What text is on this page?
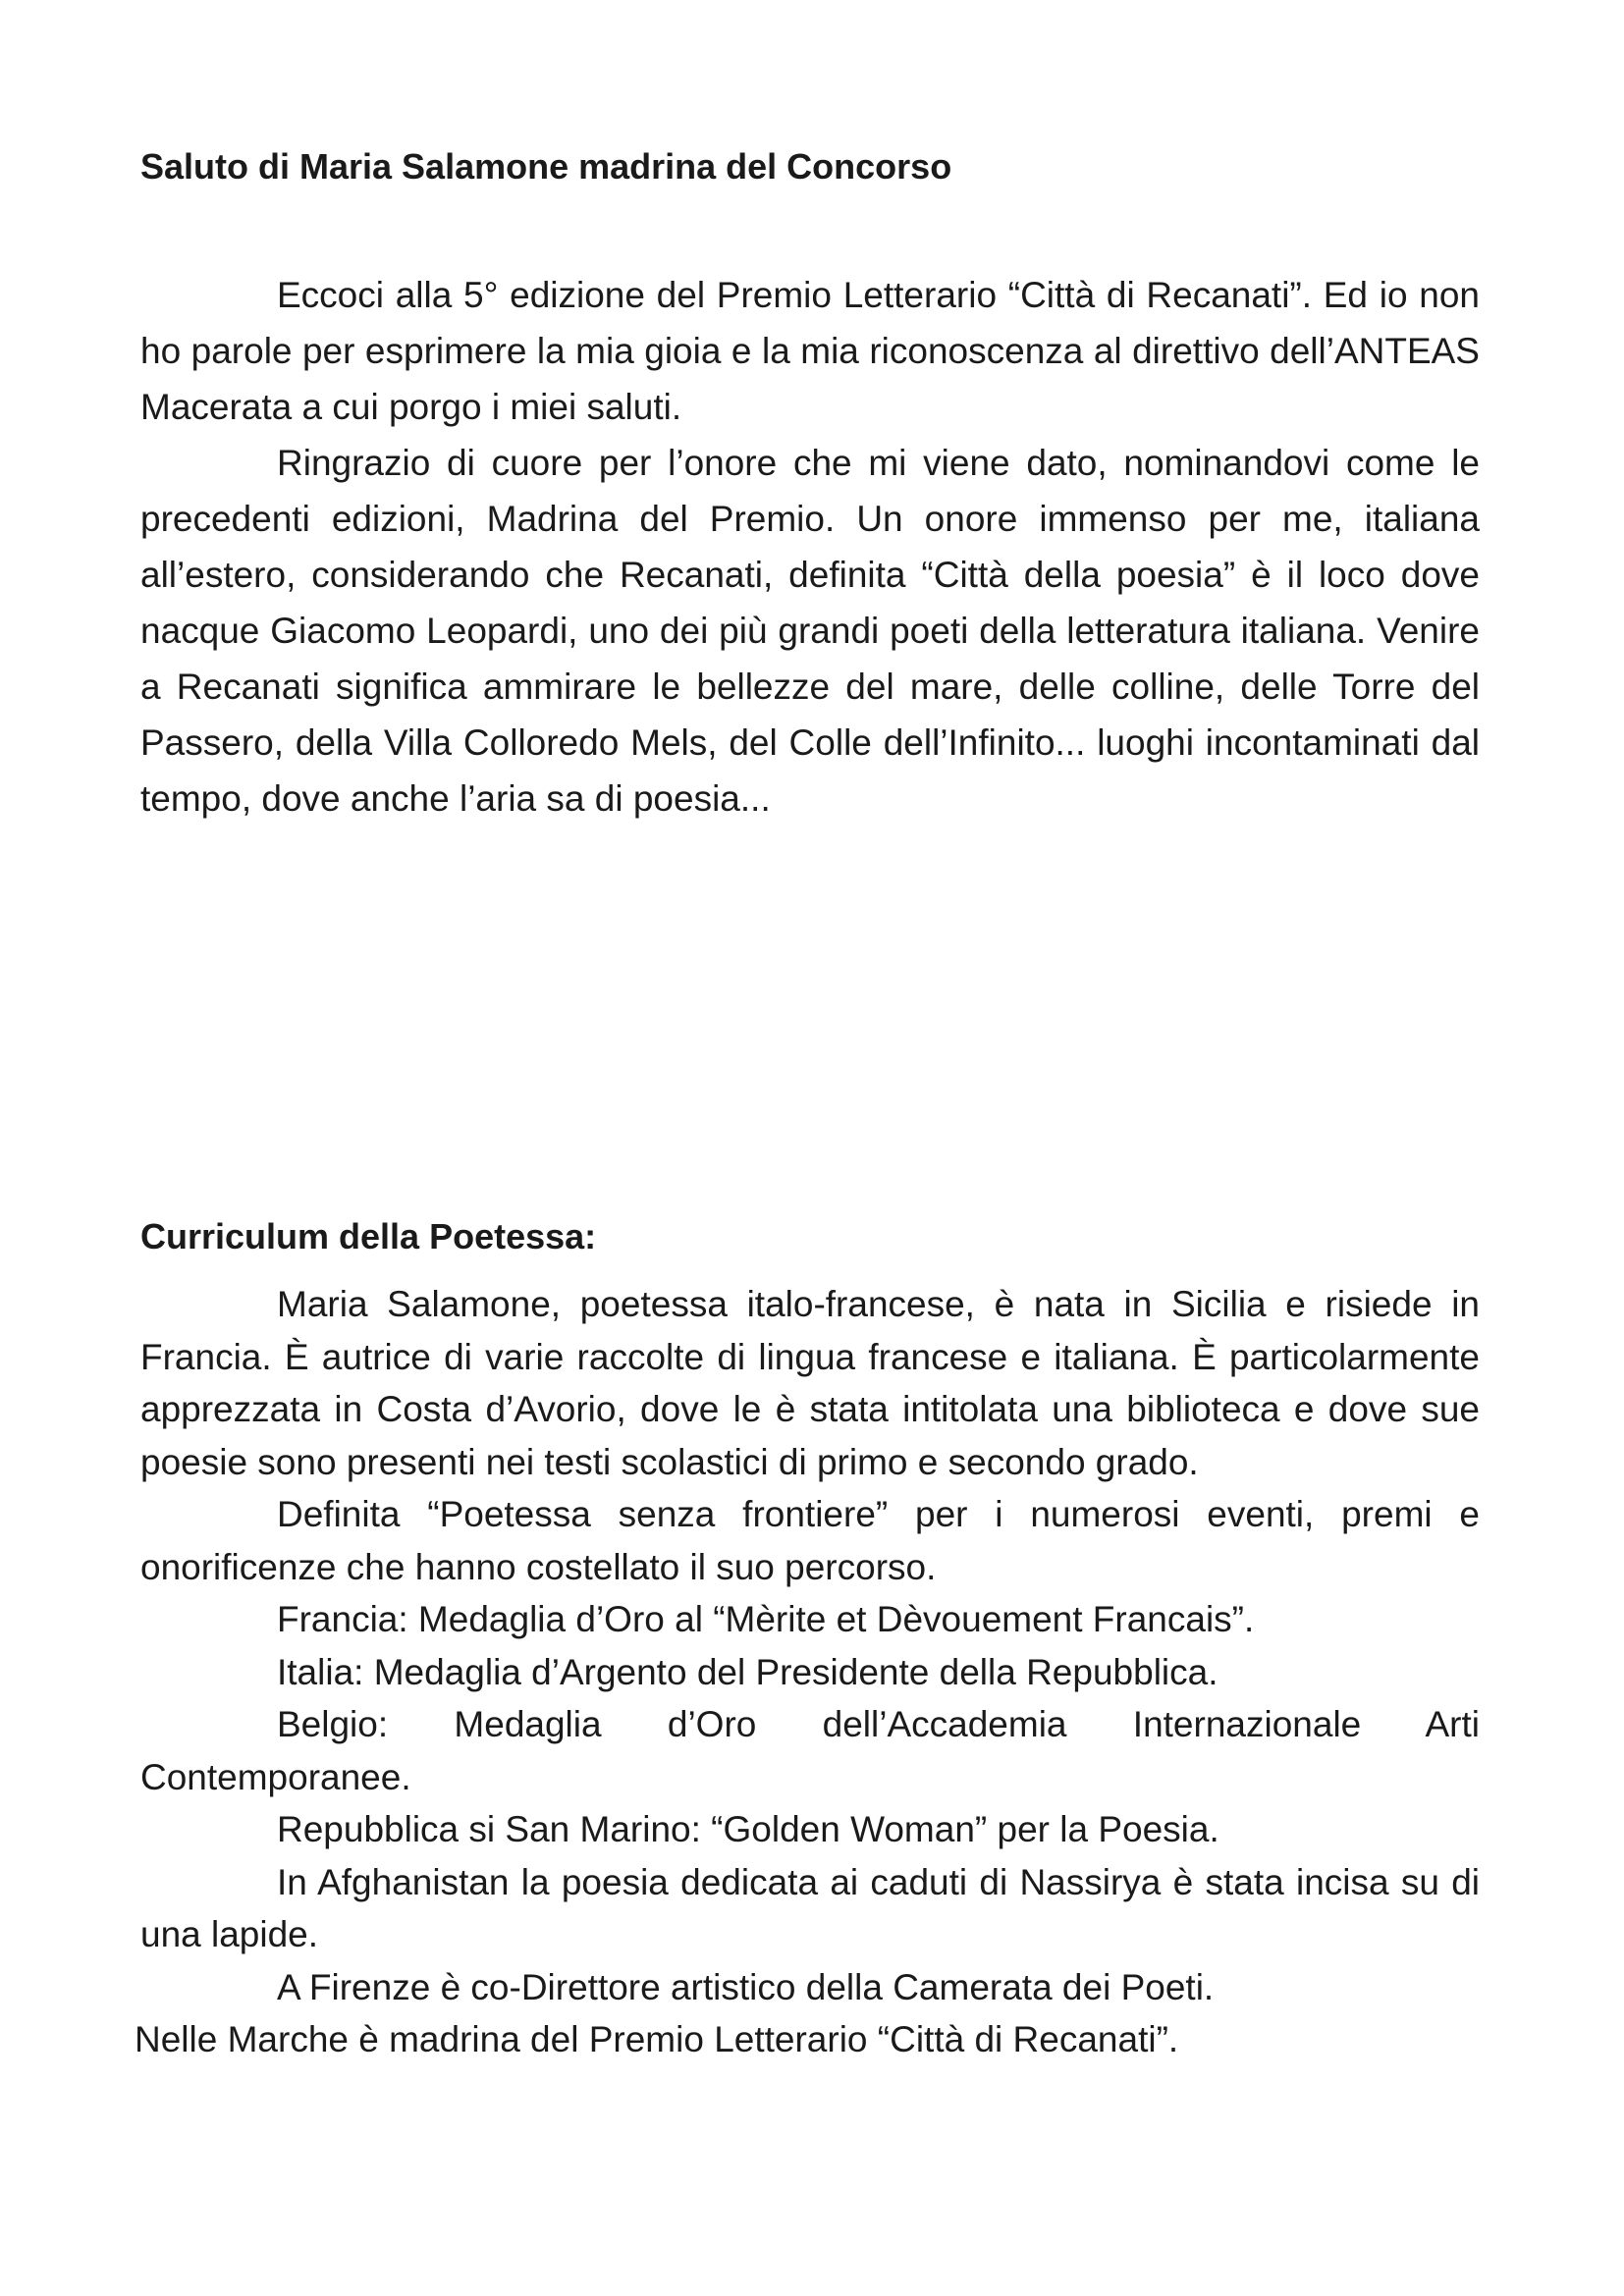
Saluto di Maria Salamone madrina del Concorso

Eccoci alla 5° edizione del Premio Letterario “Città di Recanati”. Ed io non ho parole per esprimere la mia gioia e la mia riconoscenza al direttivo dell’ANTEAS Macerata a cui porgo i miei saluti.

Ringrazio di cuore per l’onore che mi viene dato, nominandovi come le precedenti edizioni, Madrina del Premio. Un onore immenso per me, italiana all’estero, considerando che Recanati, definita “Città della poesia” è il loco dove nacque Giacomo Leopardi, uno dei più grandi poeti della letteratura italiana. Venire a Recanati significa ammirare le bellezze del mare, delle colline, delle Torre del Passero, della Villa Colloredo Mels, del Colle dell’Infinito... luoghi incontaminati dal tempo, dove anche l’aria sa di poesia...

Curriculum della Poetessa:

Maria Salamone, poetessa italo-francese, è nata in Sicilia e risiede in Francia. È autrice di varie raccolte di lingua francese e italiana. È particolarmente apprezzata in Costa d’Avorio, dove le è stata intitolata una biblioteca e dove sue poesie sono presenti nei testi scolastici di primo e secondo grado.

Definita “Poetessa senza frontiere” per i numerosi eventi, premi e onorificenze che hanno costellato il suo percorso.

Francia: Medaglia d’Oro al “Mèrite et Dèvouement Francais”.

Italia: Medaglia d’Argento del Presidente della Repubblica.

Belgio: Medaglia d’Oro dell’Accademia Internazionale Arti Contemporanee.

Repubblica si San Marino: “Golden Woman” per la Poesia.

In Afghanistan la poesia dedicata ai caduti di Nassirya è stata incisa su di una lapide.

A Firenze è co-Direttore artistico della Camerata dei Poeti.

Nelle Marche è madrina del Premio Letterario “Città di Recanati”.
